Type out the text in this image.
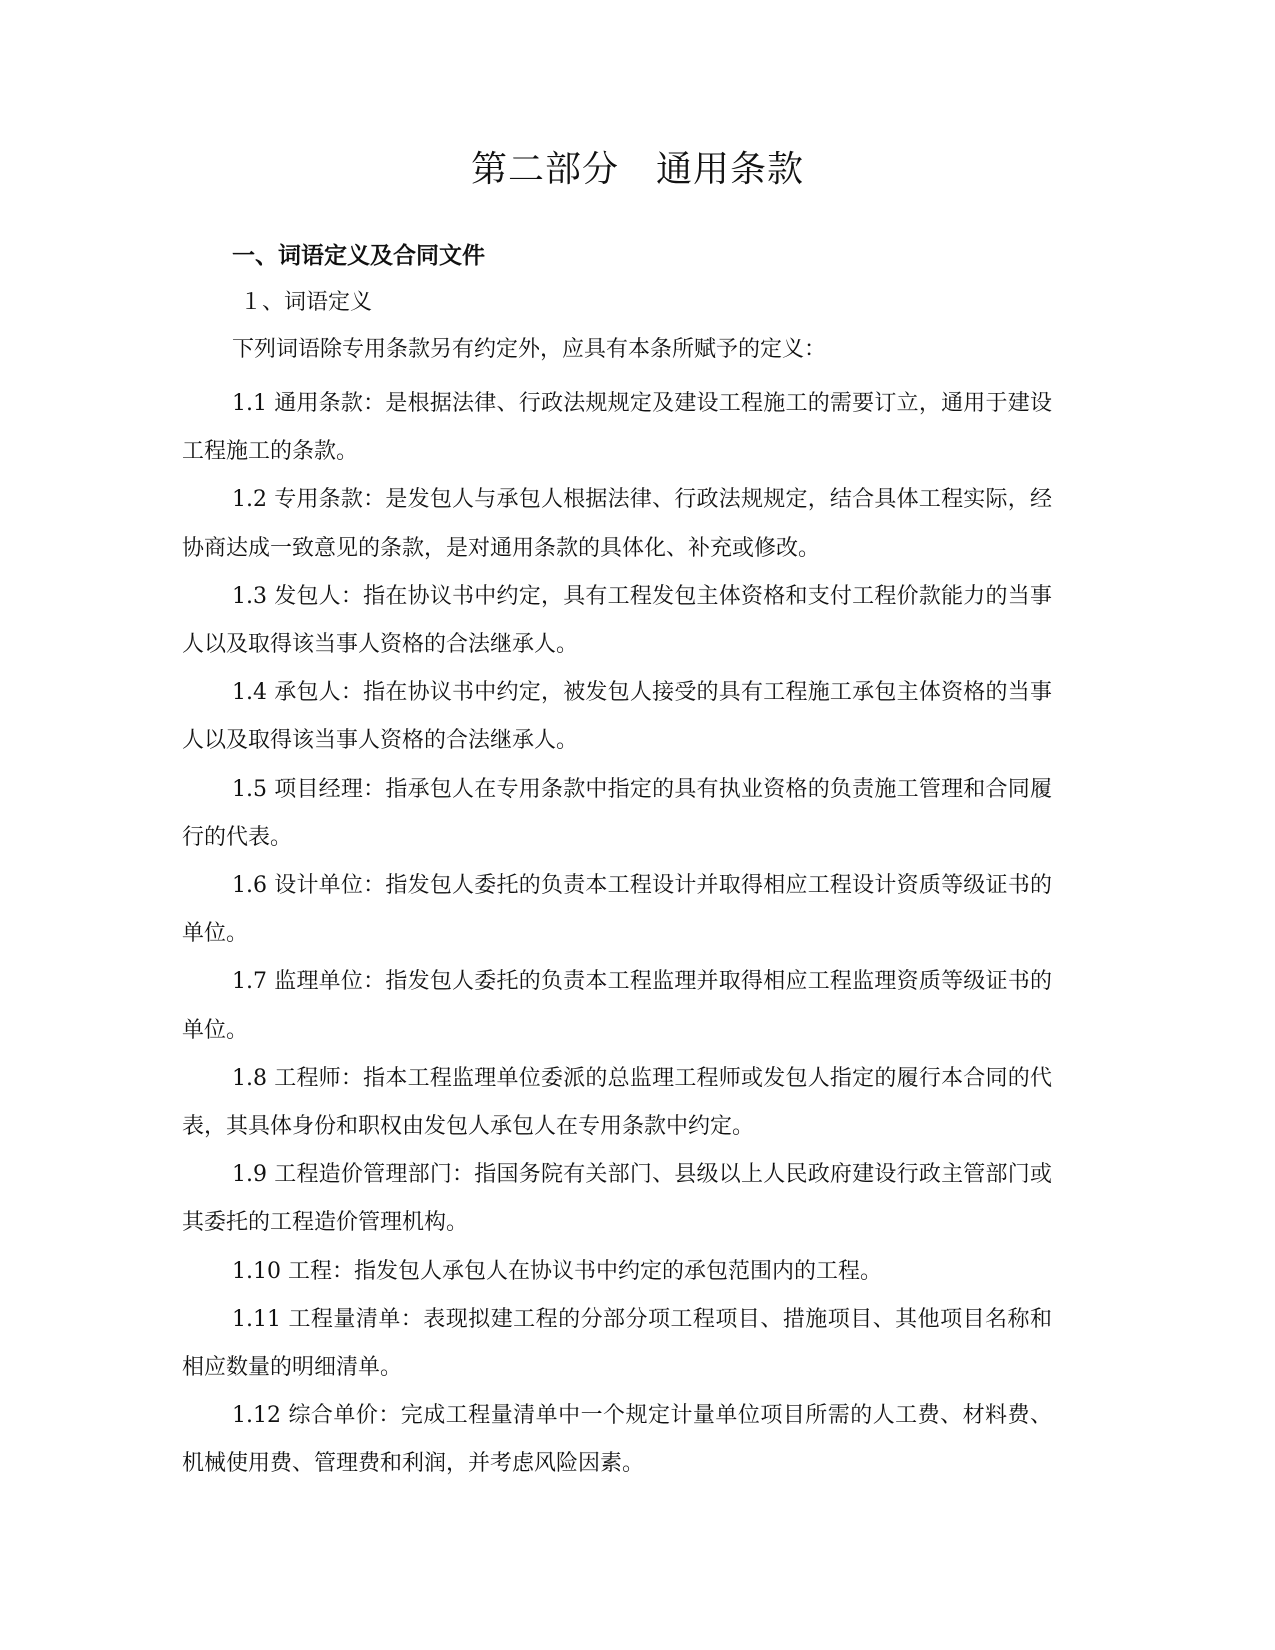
第二部分　通用条款
一、词语定义及合同文件
１、词语定义
下列词语除专用条款另有约定外，应具有本条所赋予的定义：

1.1 通用条款：是根据法律、行政法规规定及建设工程施工的需要订立，通用于建设工程施工的条款。

1.2 专用条款：是发包人与承包人根据法律、行政法规规定，结合具体工程实际，经协商达成一致意见的条款，是对通用条款的具体化、补充或修改。

1.3 发包人：指在协议书中约定，具有工程发包主体资格和支付工程价款能力的当事人以及取得该当事人资格的合法继承人。

1.4 承包人：指在协议书中约定，被发包人接受的具有工程施工承包主体资格的当事人以及取得该当事人资格的合法继承人。

1.5 项目经理：指承包人在专用条款中指定的具有执业资格的负责施工管理和合同履行的代表。

1.6 设计单位：指发包人委托的负责本工程设计并取得相应工程设计资质等级证书的单位。

1.7 监理单位：指发包人委托的负责本工程监理并取得相应工程监理资质等级证书的单位。

1.8 工程师：指本工程监理单位委派的总监理工程师或发包人指定的履行本合同的代表，其具体身份和职权由发包人承包人在专用条款中约定。

1.9 工程造价管理部门：指国务院有关部门、县级以上人民政府建设行政主管部门或其委托的工程造价管理机构。

1.10 工程：指发包人承包人在协议书中约定的承包范围内的工程。

1.11 工程量清单：表现拟建工程的分部分项工程项目、措施项目、其他项目名称和相应数量的明细清单。

1.12 综合单价：完成工程量清单中一个规定计量单位项目所需的人工费、材料费、机械使用费、管理费和利润，并考虑风险因素。
